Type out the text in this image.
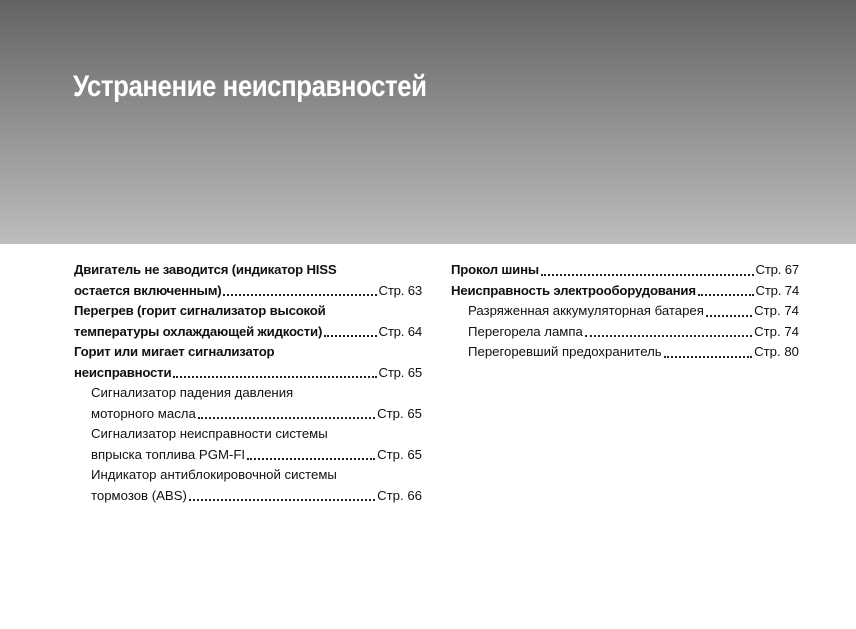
Устранение неисправностей
Двигатель не заводится (индикатор HISS
остается включенным)	Стр. 63
Перегрев (горит сигнализатор высокой
температуры охлаждающей жидкости)	Стр. 64
Горит или мигает сигнализатор
неисправности	Стр. 65
Сигнализатор падения давления
моторного масла	Стр. 65
Сигнализатор неисправности системы
впрыска топлива PGM-FI	Стр. 65
Индикатор антиблокировочной системы
тормозов (ABS)	Стр. 66
Прокол шины	Стр. 67
Неисправность электрооборудования	Стр. 74
Разряженная аккумуляторная батарея	Стр. 74
Перегорела лампа	Стр. 74
Перегоревший предохранитель	Стр. 80
